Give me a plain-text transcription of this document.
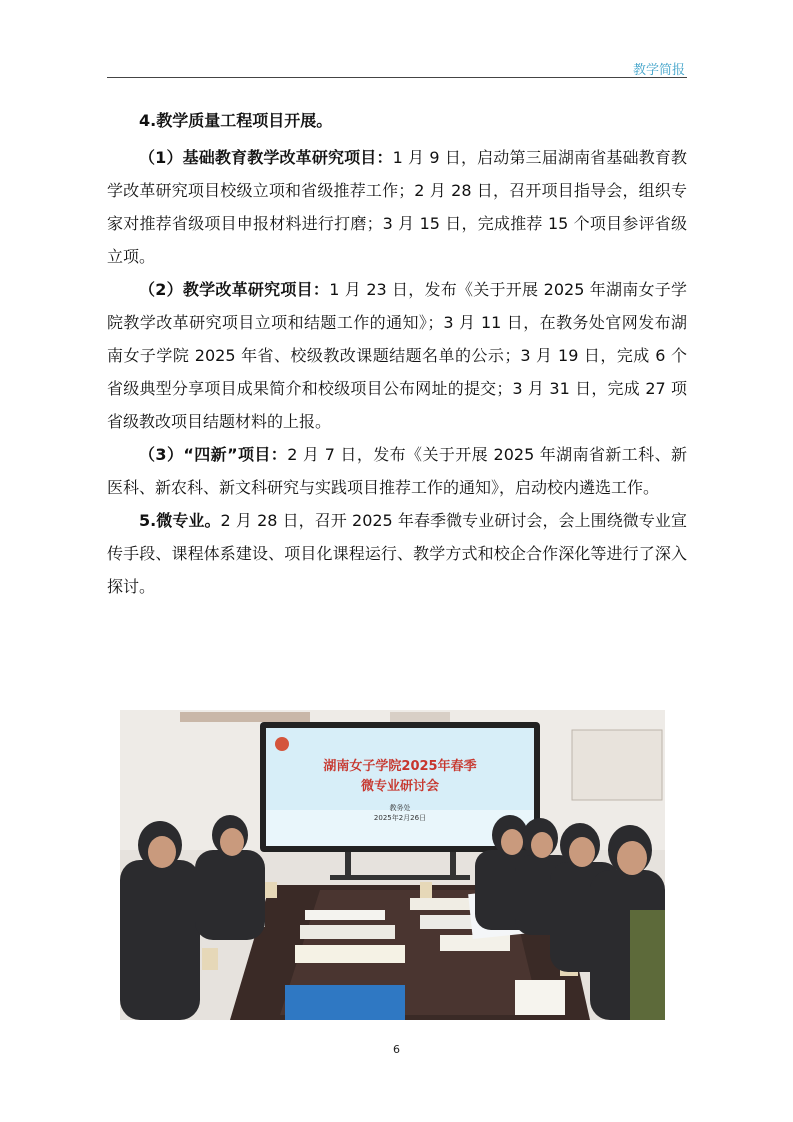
教学简报
4.教学质量工程项目开展。

（1）基础教育教学改革研究项目：1 月 9 日，启动第三届湖南省基础教育教学改革研究项目校级立项和省级推荐工作；2 月 28 日，召开项目指导会，组织专家对推荐省级项目申报材料进行打磨；3 月 15 日，完成推荐 15 个项目参评省级立项。

（2）教学改革研究项目：1 月 23 日，发布《关于开展 2025 年湖南女子学院教学改革研究项目立项和结题工作的通知》；3 月 11 日，在教务处官网发布湖南女子学院 2025 年省、校级教改课题结题名单的公示；3 月 19 日，完成 6 个省级典型分享项目成果简介和校级项目公布网址的提交；3 月 31 日，完成 27 项省级教改项目结题材料的上报。

（3）“四新”项目：2 月 7 日，发布《关于开展 2025 年湖南省新工科、新医科、新农科、新文科研究与实践项目推荐工作的通知》，启动校内遴选工作。

5.微专业。2 月 28 日，召开 2025 年春季微专业研讨会，会上围绕微专业宣传手段、课程体系建设、项目化课程运行、教学方式和校企合作深化等进行了深入探讨。

湖南女子学院2025年春季
微专业研讨会
教务处
2025年2月26日
6
